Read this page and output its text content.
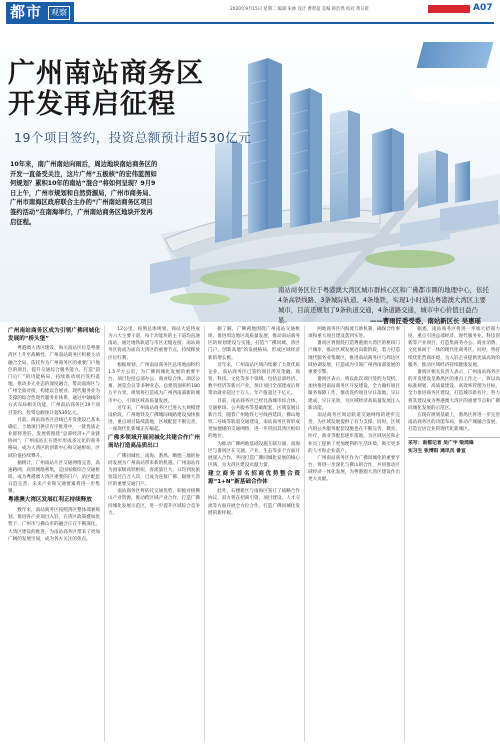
都市	观察	2020年9月15日 星期二 编辑 朱林 设计 曹智超 美编 韩浩然 校对 黄日新	A07
广州南站商务区
开发再启征程
19个项目签约，投资总额预计超530亿元
10年来，南广州南站向雨后，周边地块南站商务区的开发一直备受关注，这片广州“五极核”的宏伟蓝图如何规划？累积10年的南站“混合”将如何呈现？9月9日上午，广州市规划和自然资源局，广州市商务局、广州市南海区政府联合主办的“广州南站商务区项目签约活动”在南海举行，广州南站商务区地块开发再启征程。
南站商务区位于粤港澳大湾区城市群核心区和广佛都市圈的地理中心，依托4条高铁线路、3条城际轨道、4条地铁，实现1小时通达粤港澳大湾区主要城市，目前还规划了9条轨道交通，4条道路交通，城市中心价值日益凸显。	——曹雨匠委受委，南站新区长 吴惠瑶
广州南站商务区成为引领广佛同城化发展的“桥头堡”

粤港澳大湾区建设、海关南站区位是粤港湾区上升至战略性，广州南站商务区积极主动融合全局，依托作为广州商务区的重要门户地位的项目，提升交通综合服务能力，打造“前门后厂”的功能格局，持续推动项目签约落地，推动多元业态的深度融合，带动南海区与广州全面对接，构建以会展业、现代服务业为支撑的综合性现代服务业体系，通过中轴线的方式布局相关功能，广州南站商务区19个项目签约，投资总额预计超530亿元。

目前，商站商务区沿线已开发建设已基本确定，土地项目供应有序推进中，一批优质企业即将进驻。发展将围绕“总部经济+产业链协同”，广州南站正在逐步形成多元化的商务格局，成为大湾区的创新中心和交通枢纽，区域价值持续攀升。

据统计，广州南站片区交通网络完善，高速路网、高铁网络密集，是国家级综合交通枢纽，成为粤港澳大湾区重要的门户，站区配套日趋完善，未来产业和交通要素将进一步集聚。

粤港澳大湾区发展红利正持续释放

数年来，南站商务区按照湾区整体部署规划，推进各产业项目入驻，在湾区政策叠加优势下，广州市与佛山市的融合正在不断深化。大湾区建设的推进，为南站商务区带来了更加广阔的发展空间，成为各方关注的焦点。

12公里，按照总体规划，商站大道将成为六大主要干道，每个功能块的主干道均直通南站，通过地铁轨道与市区无缝连接，南站商务区将成为面向大湾区的重要节点，持续释放区位红利。

根据规划，广州南站商务区总用地面积约1.5平方公里，为广佛同城化发展的重要平台。项目包括总部办公、商业综合体、酒店公寓、展览会议等多种业态，总建筑面积约180万平方米，规划将打造成为广州西南部新的城市中心，引领区域高质量发展。

近年来，广州南站商务区已进入大规模建设阶段，广州地铁及广佛城际线路建设加快推进，重点项目陆续落地，区域配套不断完善，一座现代化新城正在崛起。

广佛多领域开展同城化共建合作广州南站打造高品质出口

广佛同城化，南海、番禺、顺德三地的协同发展为广州南站带来新的机遇。广州南站作为国家级高铁枢纽，客流量巨大，日均到发旅客超过百万人次，已成为连接广佛、辐射大湾区的重要交通门户。

南站商务区将依托交通优势，积极对接佛山产业资源，推动跨区域产业合作，打造广佛同城化发展示范区，进一步提升区域综合竞争力。

据了解，广佛两地围绕广州南站交通枢纽，推进周边地区高质量发展，推动南站商务区的规划建设与实施，打造“广佛同城、湾区门户、创新高地”的发展格局，形成区域经济新的增长极。

近年来，广州南站区域内集聚了大批优质企业，南站商务区已签约项目涉及金融、商贸、科技、文化等多个领域，包括总部经济、数字经济等新兴产业，预计项目全部建成后将带动就业超过十万人，年产值超过千亿元。

目前，南站商务区已经具备城市综合体、交通枢纽、公共服务等基础配套，区域发展日新月异，随着广州地铁七号线西延段、佛山地铁二号线等轨道交通建设，南站商务区将形成更加便捷的交通网络，进一步巩固其湾区枢纽的地位。

为推动广佛两地基础设施互联互通，南海区与番禺区在交通、产业、生态等多个方面开展深入合作，共同打造广佛同城化发展的核心区域，为大湾区建设贡献力量。

建立商务首名招商优势整合资源“1+N”新基础合作体

此外，石楼新区与南海区签订了战略合作协议，双方将在招商引资、项目建设、人才交流等方面开展全方位合作，打造广佛同城化发展的新样板。

两地商务区内海流互助机制，确保合作事项和重大项目建设落到实处。

番禺区将围绕打造粤港澳大湾区的枢纽门户城市，推动区域发展迈向新阶段，着力打造现代服务业集聚区，推进南站商务区与周边区域协调发展，打造成为引领广州西南部发展的重要引擎。

番禺区表示，将以此次项目签约为契机，加快推进南站商务区开发建设，全力做好项目服务保障工作，推动签约项目早日落地、早日建成、早日见效，为区域经济高质量发展注入新动能。

南站商务区周边轨道交通网络的逐步完善，为区域发展提供了有力支撑。同时，区域内的公共服务配套设施也在不断完善，教育、医疗、商业等配套逐步落地，为区域居民和企业员工提供了更加便利的生活环境，吸引更多的人才和企业落户。

广州南站商务区作为广佛同城化的重要平台，将进一步深化与佛山的合作，共同推动区域经济一体化发展，为粤港澳大湾区建设作出更大贡献。

据悉，南站商务区将进一步加大招商力度，重点引进总部经济、现代服务业、科技创新等产业项目，打造集商务办公、商业消费、文化休闲于一体的现代化商务区。同时，将持续优化营商环境，为入驻企业提供优质高效的服务，推动区域经济持续健康发展。

番禺区相关负责人表示，广州南站商务区的开发建设是番禺区的重点工作之一，将以高标准规划、高质量建设、高效率管理为目标，全力推进商务区建设，打造城市新名片，努力将其建设成为粤港澳大湾区的重要节点和广佛同城化发展的示范区。

在现有规划基础上，番禺区将进一步完善南站商务区的功能布局，推动产城融合发展，打造宜居宜业的现代化新城区。

采写：南都记者 吴广宇 梁鸿锋
实习生 张博阳 通讯员 番宣
